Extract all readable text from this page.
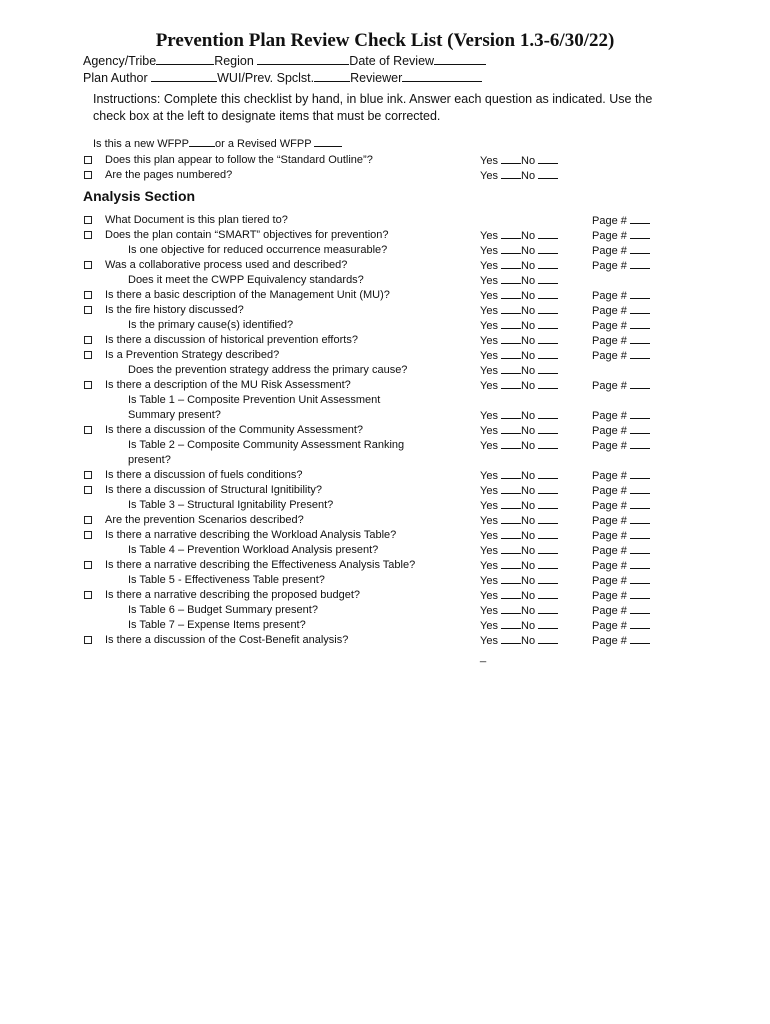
Prevention Plan Review Check List (Version 1.3-6/30/22)
Agency/Tribe	Region	Date of Review
Plan Author	WUI/Prev. Spclst.	Reviewer
Instructions: Complete this checklist by hand, in blue ink. Answer each question as indicated. Use the check box at the left to designate items that must be corrected.
Is this a new WFPP or a Revised WFPP
Does this plan appear to follow the “Standard Outline”?	Yes No
Are the pages numbered?	Yes No
Analysis Section
What Document is this plan tiered to?	Page #
Does the plan contain “SMART” objectives for prevention?	Yes No	Page #
Is one objective for reduced occurrence measurable?	Yes No	Page #
Was a collaborative process used and described?	Yes No	Page #
Does it meet the CWPP Equivalency standards?	Yes No
Is there a basic description of the Management Unit (MU)?	Yes No	Page #
Is the fire history discussed?	Yes No	Page #
Is the primary cause(s) identified?	Yes No	Page #
Is there a discussion of historical prevention efforts?	Yes No	Page #
Is a Prevention Strategy described?	Yes No	Page #
Does the prevention strategy address the primary cause?	Yes No
Is there a description of the MU Risk Assessment?	Yes No	Page #
Is Table 1 – Composite Prevention Unit Assessment
Summary present?	Yes No	Page #
Is there a discussion of the Community Assessment?	Yes No	Page #
Is Table 2 – Composite Community Assessment Ranking	Yes No	Page #
present?
Is there a discussion of fuels conditions?	Yes No	Page #
Is there a discussion of Structural Ignitibility?	Yes No	Page #
Is Table 3 – Structural Ignitability Present?	Yes No	Page #
Are the prevention Scenarios described?	Yes No	Page #
Is there a narrative describing the Workload Analysis Table?	Yes No	Page #
Is Table 4 – Prevention Workload Analysis present?	Yes No	Page #
Is there a narrative describing the Effectiveness Analysis Table?	Yes No	Page #
Is Table 5 - Effectiveness Table present?	Yes No	Page #
Is there a narrative describing the proposed budget?	Yes No	Page #
Is Table 6 – Budget Summary present?	Yes No	Page #
Is Table 7 – Expense Items present?	Yes No	Page #
Is there a discussion of the Cost-Benefit analysis?	Yes No	Page #
_
